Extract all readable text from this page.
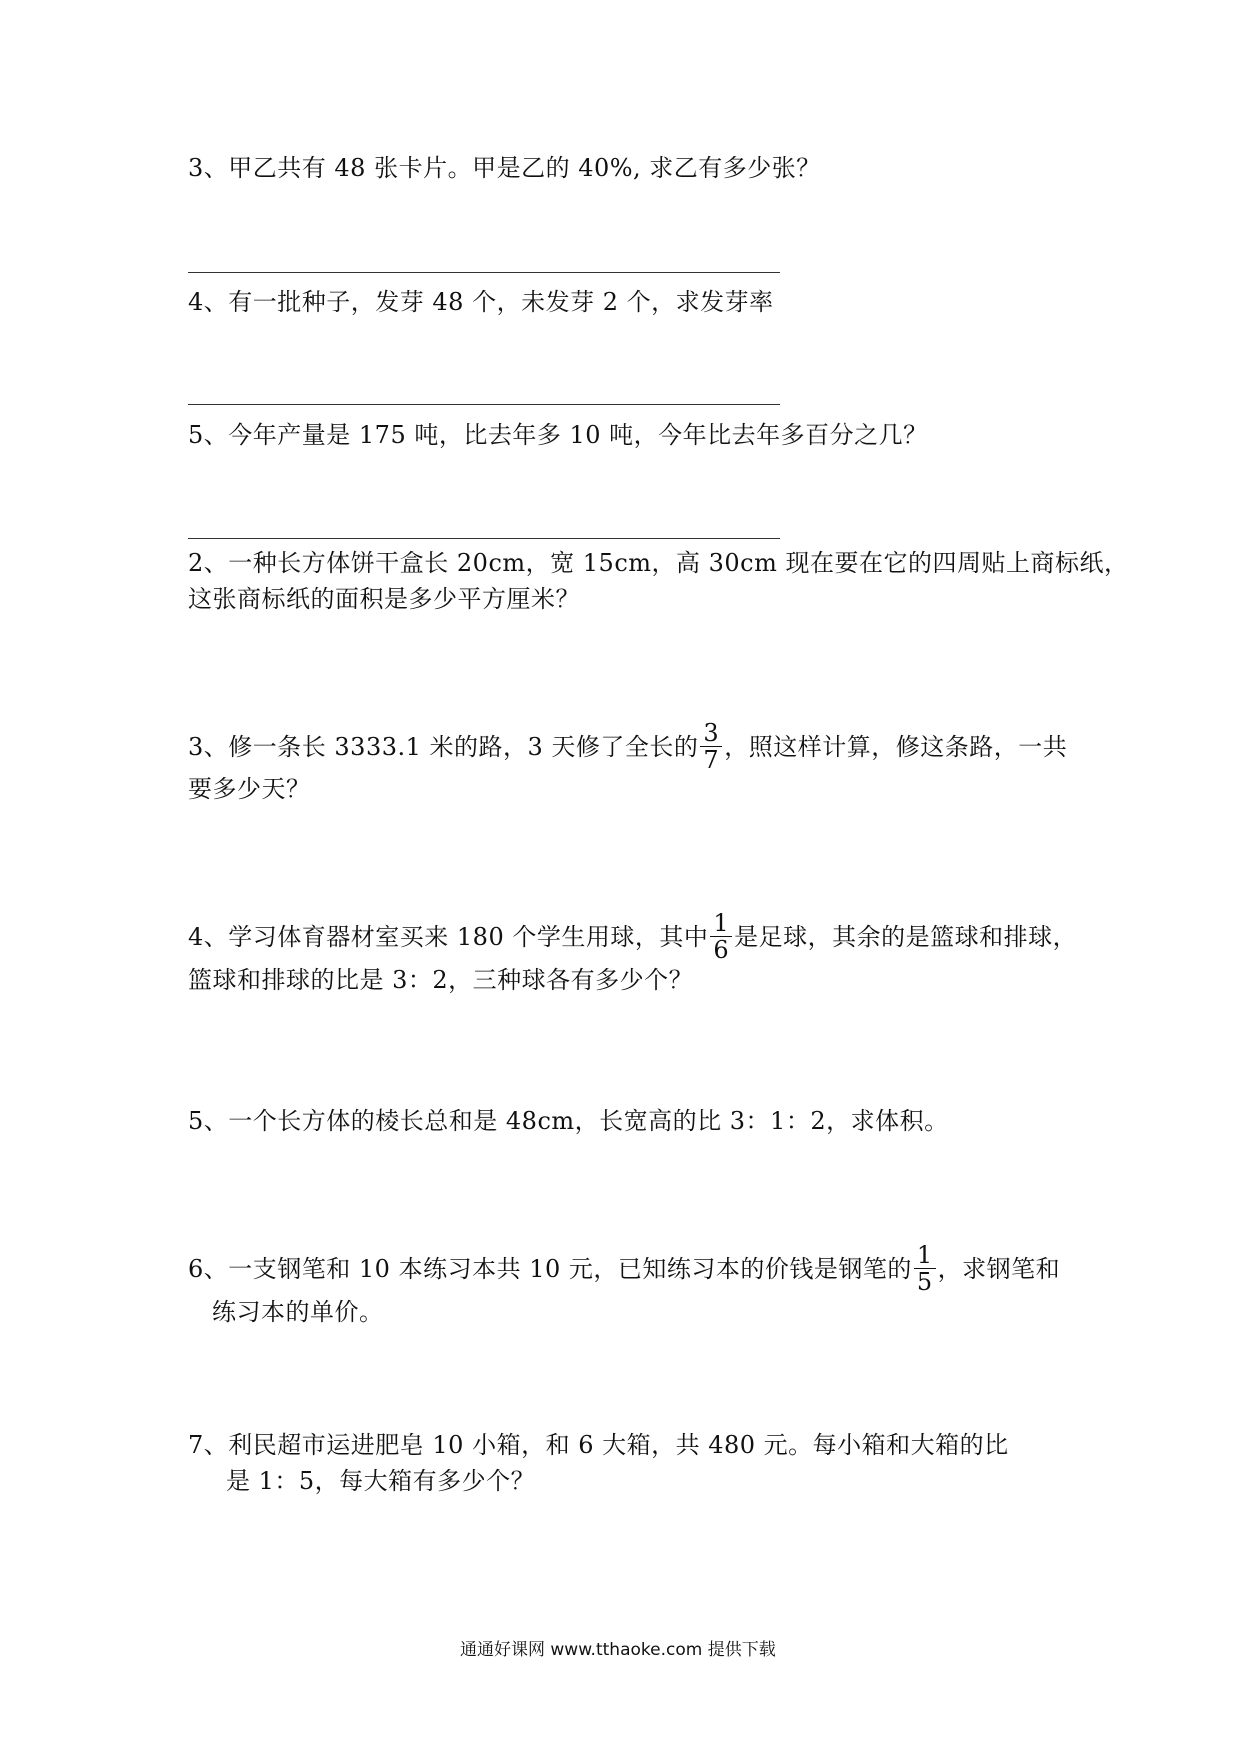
3、甲乙共有 48 张卡片。甲是乙的 40%, 求乙有多少张？
4、有一批种子，发芽 48 个，未发芽 2 个，求发芽率
5、今年产量是 175 吨，比去年多 10 吨，今年比去年多百分之几？
2、一种长方体饼干盒长 20cm，宽 15cm，高 30cm 现在要在它的四周贴上商标纸，
这张商标纸的面积是多少平方厘米？
3、修一条长 3333.1 米的路，3 天修了全长的 $\frac{3}{7}$ ，照这样计算，修这条路，一共
要多少天？
4、学习体育器材室买来 180 个学生用球，其中 $\frac{1}{6}$ 是足球，其余的是篮球和排球，
篮球和排球的比是 3：2，三种球各有多少个？
5、一个长方体的棱长总和是 48cm，长宽高的比 3：1：2，求体积。
6、一支钢笔和 10 本练习本共 10 元，已知练习本的价钱是钢笔的 $\frac{1}{5}$ ，求钢笔和
练习本的单价。
7、利民超市运进肥皂 10 小箱，和 6 大箱，共 480 元。每小箱和大箱的比
是 1：5，每大箱有多少个？
通通好课网 www.tthaoke.com 提供下载
